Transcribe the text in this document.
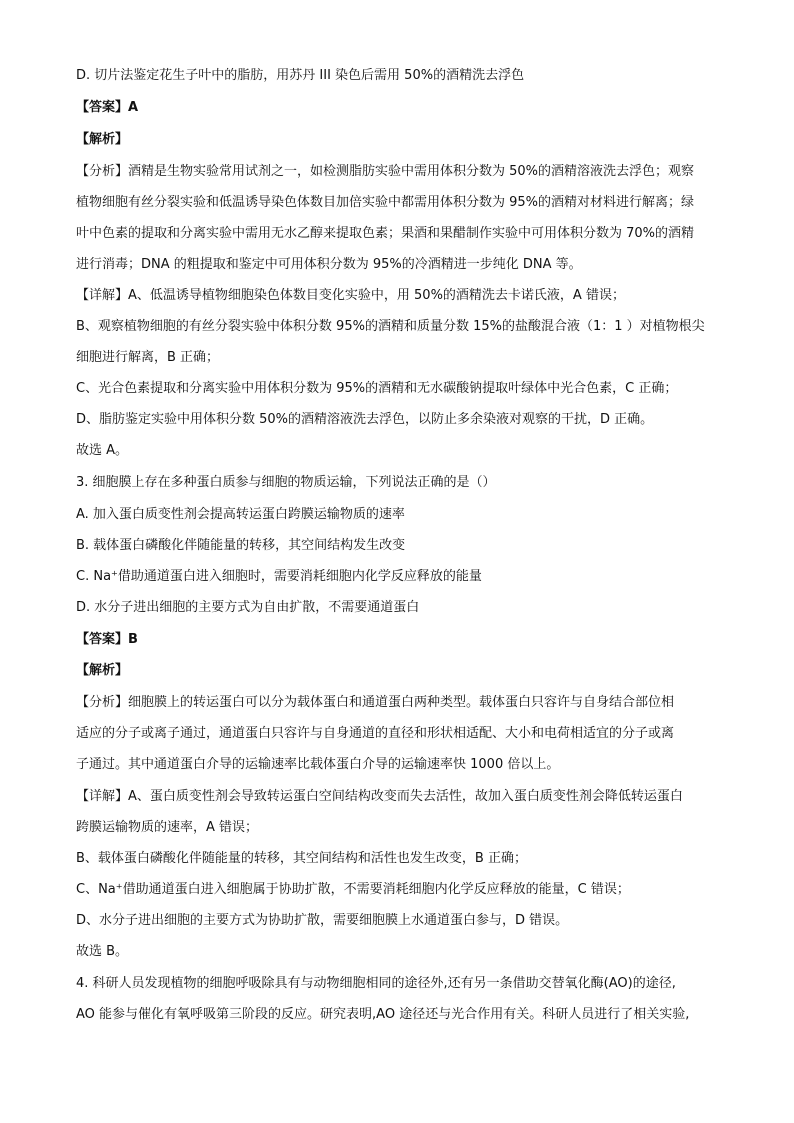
D. 切片法鉴定花生子叶中的脂肪，用苏丹 III 染色后需用 50%的酒精洗去浮色
【答案】A
【解析】
【分析】酒精是生物实验常用试剂之一，如检测脂肪实验中需用体积分数为 50%的酒精溶液洗去浮色；观察
植物细胞有丝分裂实验和低温诱导染色体数目加倍实验中都需用体积分数为 95%的酒精对材料进行解离；绿
叶中色素的提取和分离实验中需用无水乙醇来提取色素；果酒和果醋制作实验中可用体积分数为 70%的酒精
进行消毒；DNA 的粗提取和鉴定中可用体积分数为 95%的冷酒精进一步纯化 DNA 等。
【详解】A、低温诱导植物细胞染色体数目变化实验中，用 50%的酒精洗去卡诺氏液，A 错误；
B、观察植物细胞的有丝分裂实验中体积分数 95%的酒精和质量分数 15%的盐酸混合液（1：1 ）对植物根尖
细胞进行解离，B 正确；
C、光合色素提取和分离实验中用体积分数为 95%的酒精和无水碳酸钠提取叶绿体中光合色素，C 正确；
D、脂肪鉴定实验中用体积分数 50%的酒精溶液洗去浮色，以防止多余染液对观察的干扰，D 正确。
故选 A。
3. 细胞膜上存在多种蛋白质参与细胞的物质运输，下列说法正确的是（）
A. 加入蛋白质变性剂会提高转运蛋白跨膜运输物质的速率
B. 载体蛋白磷酸化伴随能量的转移，其空间结构发生改变
C. Na⁺借助通道蛋白进入细胞时，需要消耗细胞内化学反应释放的能量
D. 水分子进出细胞的主要方式为自由扩散，不需要通道蛋白
【答案】B
【解析】
【分析】细胞膜上的转运蛋白可以分为载体蛋白和通道蛋白两种类型。载体蛋白只容许与自身结合部位相
适应的分子或离子通过，通道蛋白只容许与自身通道的直径和形状相适配、大小和电荷相适宜的分子或离
子通过。其中通道蛋白介导的运输速率比载体蛋白介导的运输速率快 1000 倍以上。
【详解】A、蛋白质变性剂会导致转运蛋白空间结构改变而失去活性，故加入蛋白质变性剂会降低转运蛋白
跨膜运输物质的速率，A 错误；
B、载体蛋白磷酸化伴随能量的转移，其空间结构和活性也发生改变，B 正确；
C、Na⁺借助通道蛋白进入细胞属于协助扩散，不需要消耗细胞内化学反应释放的能量，C 错误；
D、水分子进出细胞的主要方式为协助扩散，需要细胞膜上水通道蛋白参与，D 错误。
故选 B。
4. 科研人员发现植物的细胞呼吸除具有与动物细胞相同的途径外,还有另一条借助交替氧化酶(AO)的途径,
AO 能参与催化有氧呼吸第三阶段的反应。研究表明,AO 途径还与光合作用有关。科研人员进行了相关实验,
